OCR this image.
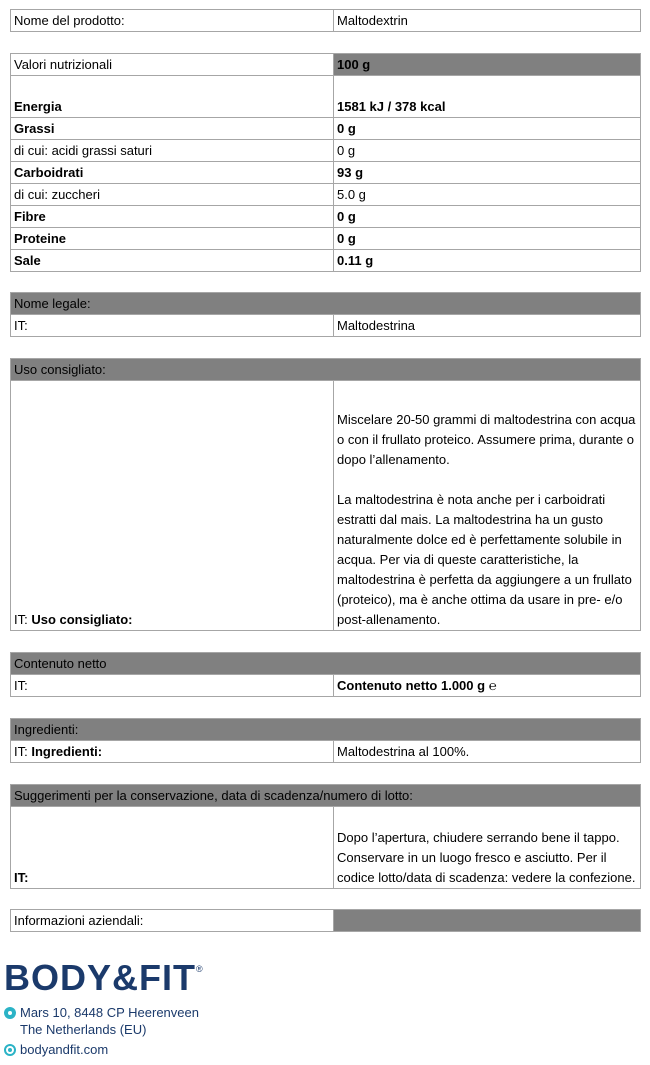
Nome del prodotto:	Maltodextrin
Valori nutrizionali	100 g
Energia	1581 kJ / 378 kcal
Grassi	0 g
di cui: acidi grassi saturi	0 g
Carboidrati	93 g
di cui: zuccheri	5.0 g
Fibre	0 g
Proteine	0 g
Sale	0.11 g
Nome legale:
IT:	Maltodestrina
Uso consigliato:
IT: Uso consigliato:	Miscelare 20-50 grammi di maltodestrina con acqua o con il frullato proteico. Assumere prima, durante o dopo l’allenamento.

La maltodestrina è nota anche per i carboidrati estratti dal mais. La maltodestrina ha un gusto naturalmente dolce ed è perfettamente solubile in acqua. Per via di queste caratteristiche, la maltodestrina è perfetta da aggiungere a un frullato (proteico), ma è anche ottima da usare in pre- e/o post-allenamento.
Contenuto netto
IT:	Contenuto netto 1.000 g ℮
Ingredienti:
IT: Ingredienti:	Maltodestrina al 100%.
Suggerimenti per la conservazione, data di scadenza/numero di lotto:
IT:	Dopo l’apertura, chiudere serrando bene il tappo. Conservare in un luogo fresco e asciutto. Per il codice lotto/data di scadenza: vedere la confezione.
Informazioni aziendali:	
BODY&FIT®
Mars 10, 8448 CP Heerenveen
The Netherlands (EU)
bodyandfit.com
